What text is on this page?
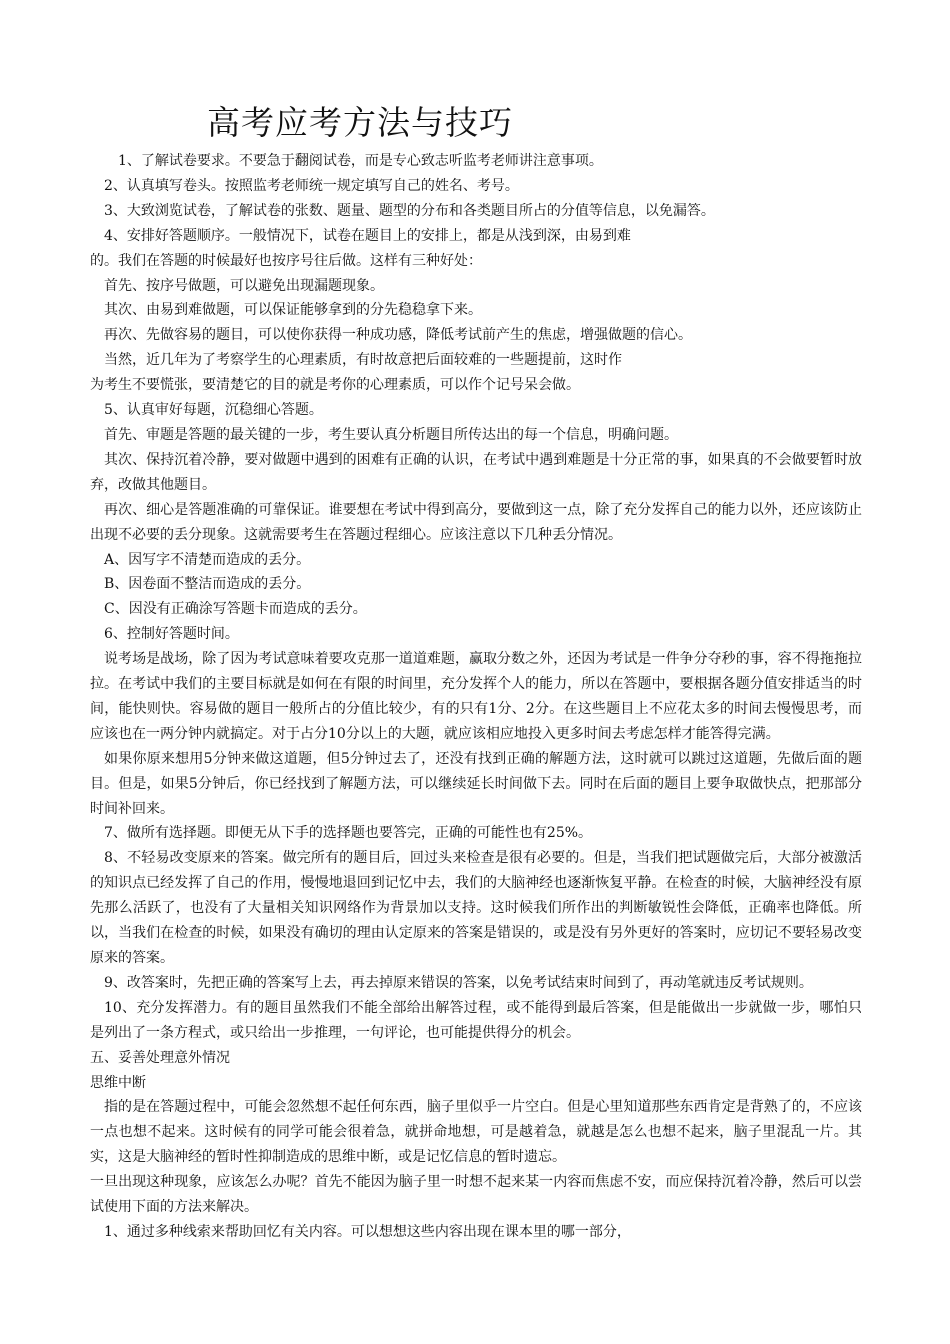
高考应考方法与技巧

1、了解试卷要求。不要急于翻阅试卷，而是专心致志听监考老师讲注意事项。

2、认真填写卷头。按照监考老师统一规定填写自己的姓名、考号。

3、大致浏览试卷，了解试卷的张数、题量、题型的分布和各类题目所占的分值等信息，以免漏答。

4、安排好答题顺序。一般情况下，试卷在题目上的安排上，都是从浅到深，由易到难

的。我们在答题的时候最好也按序号往后做。这样有三种好处：

首先、按序号做题，可以避免出现漏题现象。

其次、由易到难做题，可以保证能够拿到的分先稳稳拿下来。

再次、先做容易的题目，可以使你获得一种成功感，降低考试前产生的焦虑，增强做题的信心。

当然，近几年为了考察学生的心理素质，有时故意把后面较难的一些题提前，这时作

为考生不要慌张，要清楚它的目的就是考你的心理素质，可以作个记号呆会做。

5、认真审好每题，沉稳细心答题。

首先、审题是答题的最关键的一步，考生要认真分析题目所传达出的每一个信息，明确问题。

其次、保持沉着冷静，要对做题中遇到的困难有正确的认识，在考试中遇到难题是十分正常的事，如果真的不会做要暂时放弃，改做其他题目。

再次、细心是答题准确的可靠保证。谁要想在考试中得到高分，要做到这一点，除了充分发挥自己的能力以外，还应该防止出现不必要的丢分现象。这就需要考生在答题过程细心。应该注意以下几种丢分情况。

A、因写字不清楚而造成的丢分。

B、因卷面不整洁而造成的丢分。

C、因没有正确涂写答题卡而造成的丢分。

6、控制好答题时间。

说考场是战场，除了因为考试意味着要攻克那一道道难题，赢取分数之外，还因为考试是一件争分夺秒的事，容不得拖拖拉拉。在考试中我们的主要目标就是如何在有限的时间里，充分发挥个人的能力，所以在答题中，要根据各题分值安排适当的时间，能快则快。容易做的题目一般所占的分值比较少，有的只有1分、2分。在这些题目上不应花太多的时间去慢慢思考，而应该也在一两分钟内就搞定。对于占分10分以上的大题，就应该相应地投入更多时间去考虑怎样才能答得完满。

如果你原来想用5分钟来做这道题，但5分钟过去了，还没有找到正确的解题方法，这时就可以跳过这道题，先做后面的题目。但是，如果5分钟后，你已经找到了解题方法，可以继续延长时间做下去。同时在后面的题目上要争取做快点，把那部分时间补回来。

7、做所有选择题。即便无从下手的选择题也要答完，正确的可能性也有25%。

8、不轻易改变原来的答案。做完所有的题目后，回过头来检查是很有必要的。但是，当我们把试题做完后，大部分被激活的知识点已经发挥了自己的作用，慢慢地退回到记忆中去，我们的大脑神经也逐渐恢复平静。在检查的时候，大脑神经没有原先那么活跃了，也没有了大量相关知识网络作为背景加以支持。这时候我们所作出的判断敏锐性会降低，正确率也降低。所以，当我们在检查的时候，如果没有确切的理由认定原来的答案是错误的，或是没有另外更好的答案时，应切记不要轻易改变原来的答案。

9、改答案时，先把正确的答案写上去，再去掉原来错误的答案，以免考试结束时间到了，再动笔就违反考试规则。

10、充分发挥潜力。有的题目虽然我们不能全部给出解答过程，或不能得到最后答案，但是能做出一步就做一步，哪怕只是列出了一条方程式，或只给出一步推理，一句评论，也可能提供得分的机会。

五、妥善处理意外情况

思维中断

指的是在答题过程中，可能会忽然想不起任何东西，脑子里似乎一片空白。但是心里知道那些东西肯定是背熟了的，不应该一点也想不起来。这时候有的同学可能会很着急，就拼命地想，可是越着急，就越是怎么也想不起来，脑子里混乱一片。其实，这是大脑神经的暂时性抑制造成的思维中断，或是记忆信息的暂时遗忘。

一旦出现这种现象，应该怎么办呢？首先不能因为脑子里一时想不起来某一内容而焦虑不安，而应保持沉着冷静，然后可以尝试使用下面的方法来解决。

1、通过多种线索来帮助回忆有关内容。可以想想这些内容出现在课本里的哪一部分，
